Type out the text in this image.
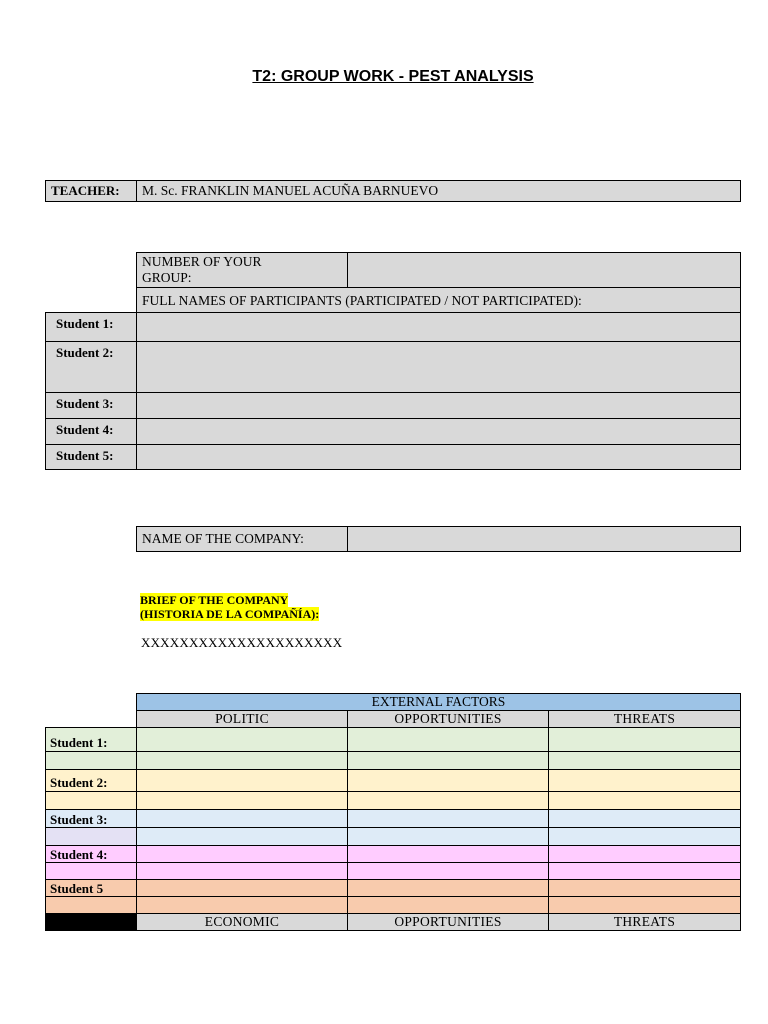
T2: GROUP WORK - PEST ANALYSIS
TEACHER:	M. Sc. FRANKLIN MANUEL ACUÑA BARNUEVO
NUMBER OF YOUR
GROUP:
FULL NAMES OF PARTICIPANTS (PARTICIPATED / NOT PARTICIPATED):
Student 1:
Student 2:
Student 3:
Student 4:
Student 5:
NAME OF THE COMPANY:
BRIEF OF THE COMPANY
(HISTORIA DE LA COMPAÑÍA):
XXXXXXXXXXXXXXXXXXXXX
EXTERNAL FACTORS
POLITIC	OPPORTUNITIES	THREATS
Student 1:
Student 2:
Student 3:
Student 4:
Student 5
ECONOMIC	OPPORTUNITIES	THREATS
